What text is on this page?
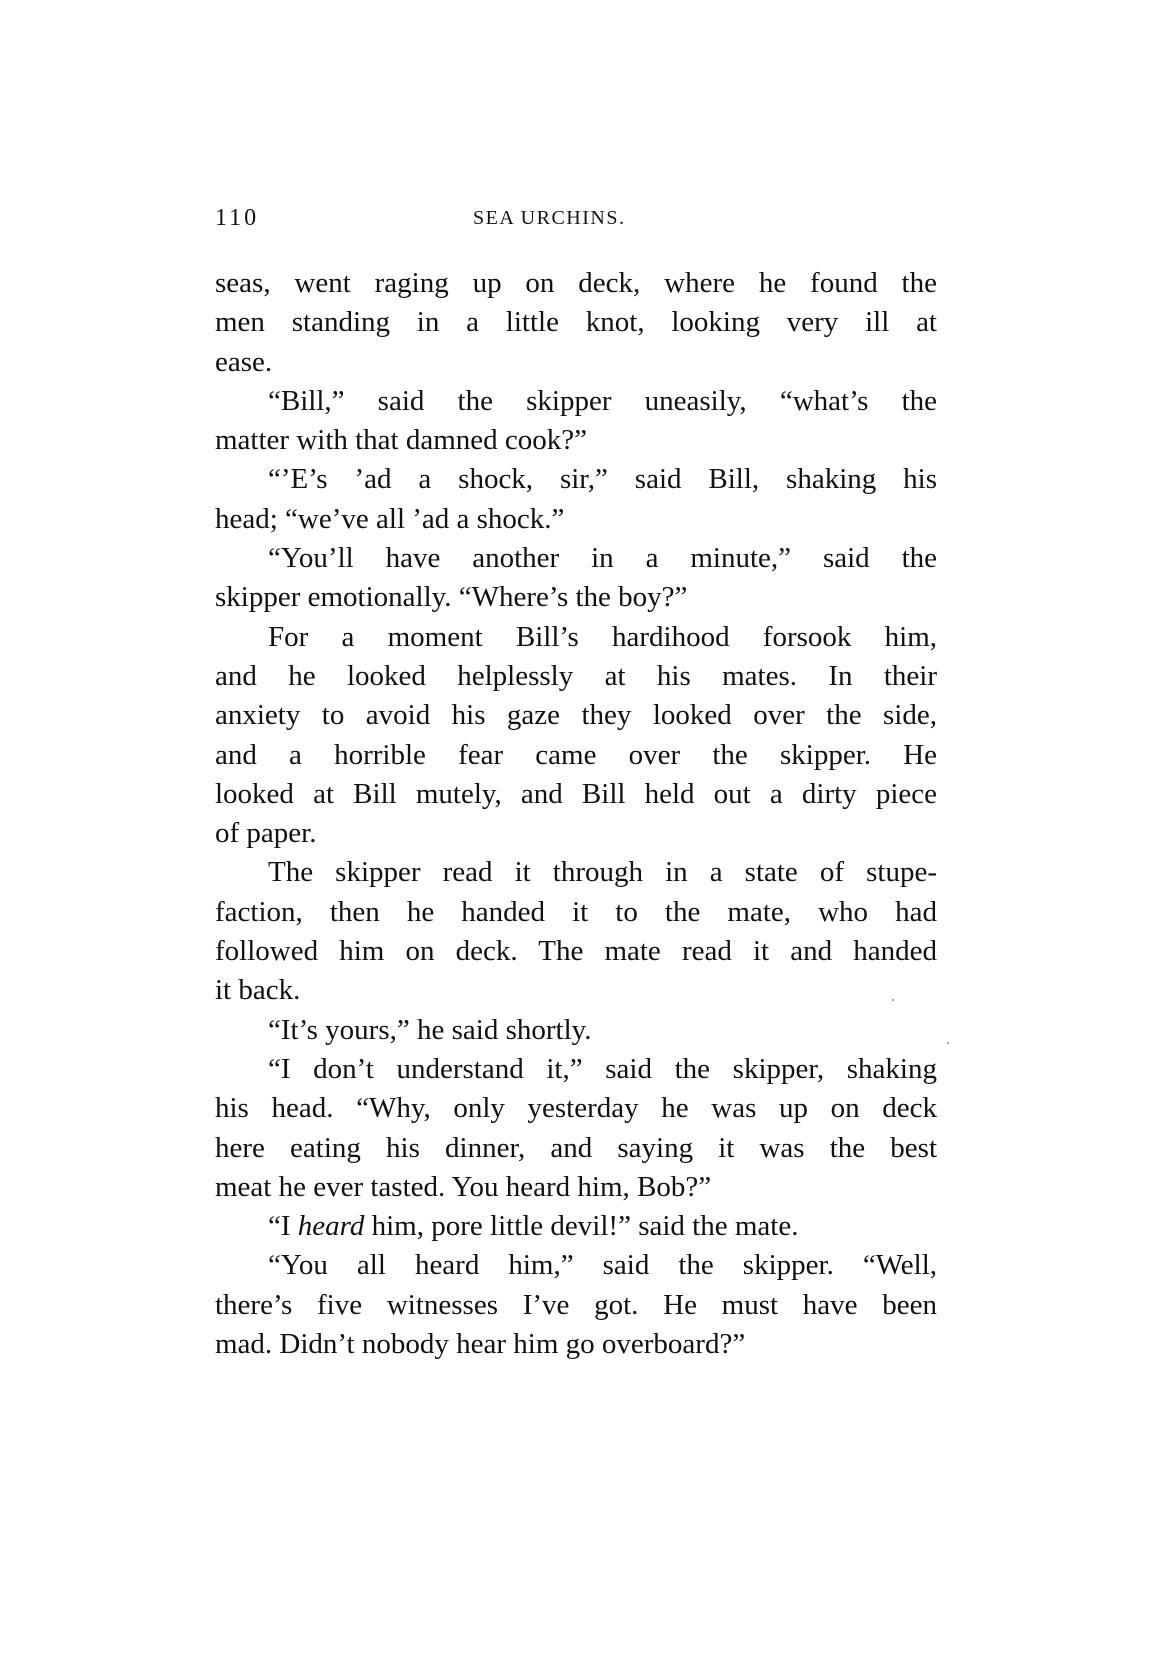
110	SEA URCHINS.
seas, went raging up on deck, where he found the
men standing in a little knot, looking very ill at
ease.
“Bill,” said the skipper uneasily, “what’s the
matter with that damned cook?”
“’E’s ’ad a shock, sir,” said Bill, shaking his
head; “we’ve all ’ad a shock.”
“You’ll have another in a minute,” said the
skipper emotionally. “Where’s the boy?”
For a moment Bill’s hardihood forsook him,
and he looked helplessly at his mates. In their
anxiety to avoid his gaze they looked over the side,
and a horrible fear came over the skipper. He
looked at Bill mutely, and Bill held out a dirty piece
of paper.
The skipper read it through in a state of stupe-
faction, then he handed it to the mate, who had
followed him on deck. The mate read it and handed
it back.
“It’s yours,” he said shortly.
“I don’t understand it,” said the skipper, shaking
his head. “Why, only yesterday he was up on deck
here eating his dinner, and saying it was the best
meat he ever tasted. You heard him, Bob?”
“I heard him, pore little devil!” said the mate.
“You all heard him,” said the skipper. “Well,
there’s five witnesses I’ve got. He must have been
mad. Didn’t nobody hear him go overboard?”
